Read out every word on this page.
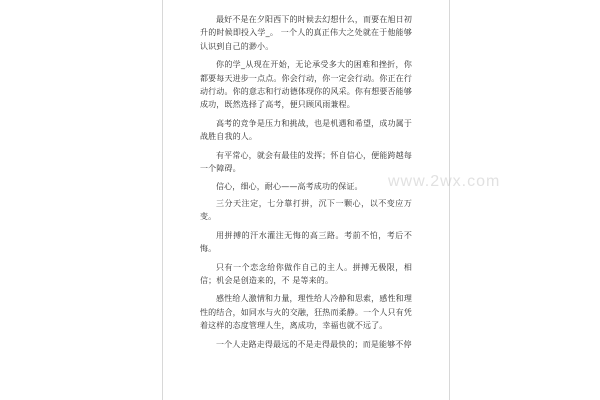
最好不是在夕阳西下的时候去幻想什么，而要在旭日初升的时候即投入学_。 一个人的真正伟大之处就在于他能够认识到自己的渺小。

你的学_从现在开始，无论承受多大的困难和挫折，你都要每天进步一点点。你会行动，你一定会行动。你正在行动行动。你的意志和行动德体现你的风采。你有想要否能够 成功，既然选择了高考，便只顾风雨兼程。

高考的竞争是压力和挑战，也是机遇和希望，成功属于战胜自我的人。

有平常心，就会有最佳的发挥；怀自信心，便能跨越每一个障碍。

信心，细心，耐心——高考成功的保证。

三分天注定，七分靠打拼，沉下一颗心，以不变应万变。

用拼搏的汗水灌注无悔的高三路。考前不怕，考后不悔。

只有一个恋念给你做作自己的主人。拼搏无极限，相信；机会是创造来的，不 是等来的。

感性给人激情和力量，理性给人冷静和思索，感性和理性的结合，如同水与火的交融，狂热而柔静。一个人只有凭着这样的态度管理人生，离成功，幸福也就不远了。

一个人走路走得最远的不是走得最快的；而是能够不停

www.2wx.com
